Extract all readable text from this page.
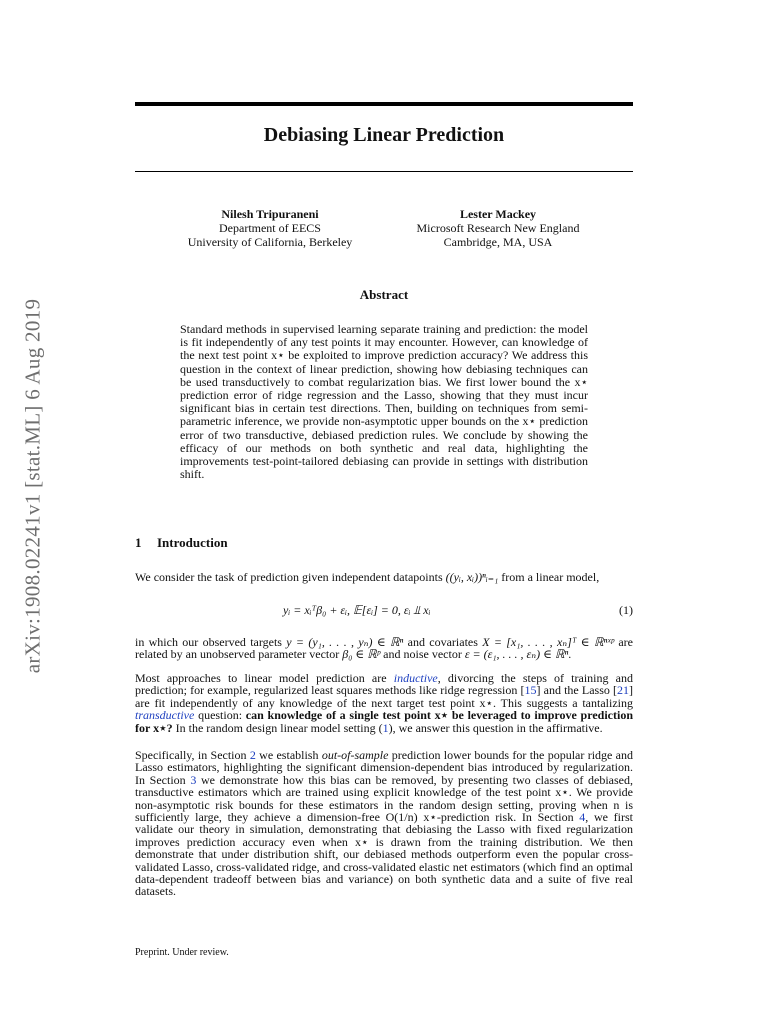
arXiv:1908.02241v1 [stat.ML] 6 Aug 2019
Debiasing Linear Prediction
Nilesh Tripuraneni
Department of EECS
University of California, Berkeley
Lester Mackey
Microsoft Research New England
Cambridge, MA, USA
Abstract
Standard methods in supervised learning separate training and prediction: the model is fit independently of any test points it may encounter. However, can knowledge of the next test point x⋆ be exploited to improve prediction accuracy? We address this question in the context of linear prediction, showing how debiasing techniques can be used transductively to combat regularization bias. We first lower bound the x⋆ prediction error of ridge regression and the Lasso, showing that they must incur significant bias in certain test directions. Then, building on techniques from semi-parametric inference, we provide non-asymptotic upper bounds on the x⋆ prediction error of two transductive, debiased prediction rules. We conclude by showing the efficacy of our methods on both synthetic and real data, highlighting the improvements test-point-tailored debiasing can provide in settings with distribution shift.
1 Introduction
We consider the task of prediction given independent datapoints ((yᵢ, xᵢ))ⁿᵢ₌₁ from a linear model,
yᵢ = xᵢᵀβ₀ + εᵢ, 𝔼[εᵢ] = 0, εᵢ ⫫ xᵢ	(1)
in which our observed targets y = (y₁, . . . , yₙ) ∈ ℝⁿ and covariates X = [x₁, . . . , xₙ]ᵀ ∈ ℝⁿˣᵖ are related by an unobserved parameter vector β₀ ∈ ℝᵖ and noise vector ε = (ε₁, . . . , εₙ) ∈ ℝⁿ.
Most approaches to linear model prediction are inductive, divorcing the steps of training and prediction; for example, regularized least squares methods like ridge regression [15] and the Lasso [21] are fit independently of any knowledge of the next target test point x⋆. This suggests a tantalizing transductive question: can knowledge of a single test point x⋆ be leveraged to improve prediction for x⋆? In the random design linear model setting (1), we answer this question in the affirmative.
Specifically, in Section 2 we establish out-of-sample prediction lower bounds for the popular ridge and Lasso estimators, highlighting the significant dimension-dependent bias introduced by regularization. In Section 3 we demonstrate how this bias can be removed, by presenting two classes of debiased, transductive estimators which are trained using explicit knowledge of the test point x⋆. We provide non-asymptotic risk bounds for these estimators in the random design setting, proving when n is sufficiently large, they achieve a dimension-free O(1/n) x⋆-prediction risk. In Section 4, we first validate our theory in simulation, demonstrating that debiasing the Lasso with fixed regularization improves prediction accuracy even when x⋆ is drawn from the training distribution. We then demonstrate that under distribution shift, our debiased methods outperform even the popular cross-validated Lasso, cross-validated ridge, and cross-validated elastic net estimators (which find an optimal data-dependent tradeoff between bias and variance) on both synthetic data and a suite of five real datasets.
Preprint. Under review.
